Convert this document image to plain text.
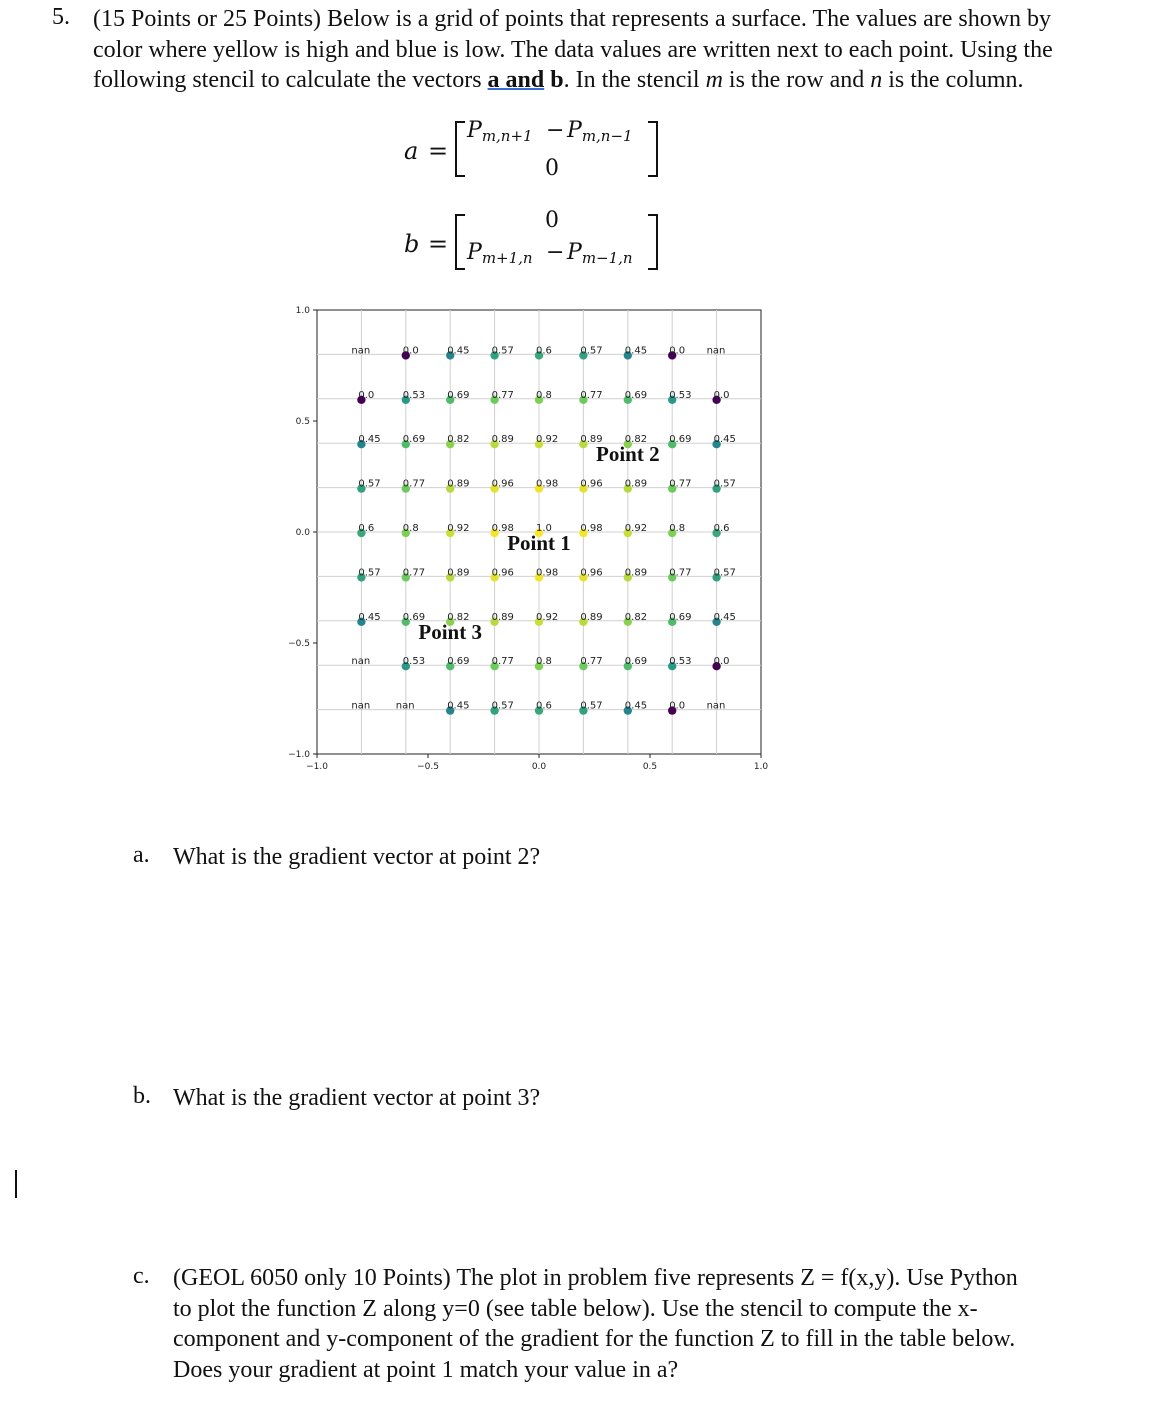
5. (15 Points or 25 Points) Below is a grid of points that represents a surface. The values are shown by color where yellow is high and blue is low. The data values are written next to each point. Using the following stencil to calculate the vectors a and b. In the stencil m is the row and n is the column.
a =
$P_{m,n+1} - P_{m,n-1}$
0
b =
0
$P_{m+1,n} - P_{m-1,n}$
−1.0	−0.5	0.0	0.5	1.0
1.0
0.5
0.0
−0.5
−1.0
nan	0.0	0.45 0.57 0.6	0.57 0.45 0.0 nan
0.0	0.53 0.69 0.77 0.8	0.77 0.69 0.53 0.0
0.45 0.69 0.82 0.89 0.92 0.89 0.82 0.69 0.45
0.57 0.77 0.89 0.96 0.98 0.96 0.89 0.77 0.57
0.6	0.8	0.92 0.98 1.0	0.98 0.92 0.8	0.6
0.57 0.77 0.89 0.96 0.98 0.96 0.89 0.77 0.57
0.45 0.69 0.82 0.89 0.92 0.89 0.82 0.69 0.45
nan	0.53 0.69 0.77 0.8	0.77 0.69 0.53 0.0
nan	nan	0.45 0.57 0.6	0.57 0.45 0.0 nan
Point 1
Point 2
Point 3
a. What is the gradient vector at point 2?
b. What is the gradient vector at point 3?
c. (GEOL 6050 only 10 Points) The plot in problem five represents Z = f(x,y). Use Python to plot the function Z along y=0 (see table below). Use the stencil to compute the x-component and y-component of the gradient for the function Z to fill in the table below. Does your gradient at point 1 match your value in a?
